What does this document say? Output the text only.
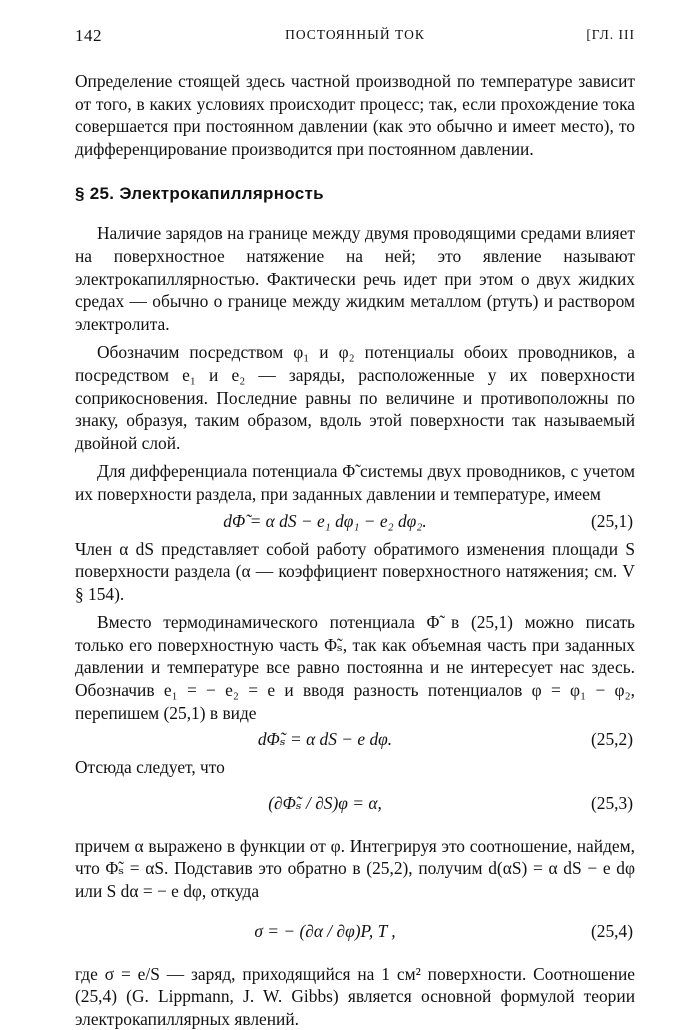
142	ПОСТОЯННЫЙ ТОК	[ГЛ. III

Определение стоящей здесь частной производной по температуре зависит от того, в каких условиях происходит процесс; так, если прохождение тока совершается при постоянном давлении (как это обычно и имеет место), то дифференцирование производится при постоянном давлении.

§ 25. Электрокапиллярность

Наличие зарядов на границе между двумя проводящими средами влияет на поверхностное натяжение на ней; это явление называют электрокапиллярностью. Фактически речь идет при этом о двух жидких средах — обычно о границе между жидким металлом (ртуть) и раствором электролита.

Обозначим посредством φ₁ и φ₂ потенциалы обоих проводников, а посредством e₁ и e₂ — заряды, расположенные у их поверхности соприкосновения. Последние равны по величине и противоположны по знаку, образуя, таким образом, вдоль этой поверхности так называемый двойной слой.

Для дифференциала потенциала Φ̃ системы двух проводников, с учетом их поверхности раздела, при заданных давлении и температуре, имеем

dΦ̃ = α dS − e₁ dφ₁ − e₂ dφ₂.	(25,1)

Член α dS представляет собой работу обратимого изменения площади S поверхности раздела (α — коэффициент поверхностного натяжения; см. V § 154).

Вместо термодинамического потенциала Φ̃ в (25,1) можно писать только его поверхностную часть Φ̃ₛ, так как объемная часть при заданных давлении и температуре все равно постоянна и не интересует нас здесь. Обозначив e₁ = − e₂ = e и вводя разность потенциалов φ = φ₁ − φ₂, перепишем (25,1) в виде

dΦ̃ₛ = α dS − e dφ.	(25,2)

Отсюда следует, что

(∂Φ̃ₛ / ∂S)φ = α,	(25,3)

причем α выражено в функции от φ. Интегрируя это соотношение, найдем, что Φ̃ₛ = αS. Подставив это обратно в (25,2), получим d(αS) = α dS − e dφ или S dα = − e dφ, откуда

σ = − (∂α / ∂φ)P, T ,	(25,4)

где σ = e/S — заряд, приходящийся на 1 см² поверхности. Соотношение (25,4) (G. Lippmann, J. W. Gibbs) является основной формулой теории электрокапиллярных явлений.
